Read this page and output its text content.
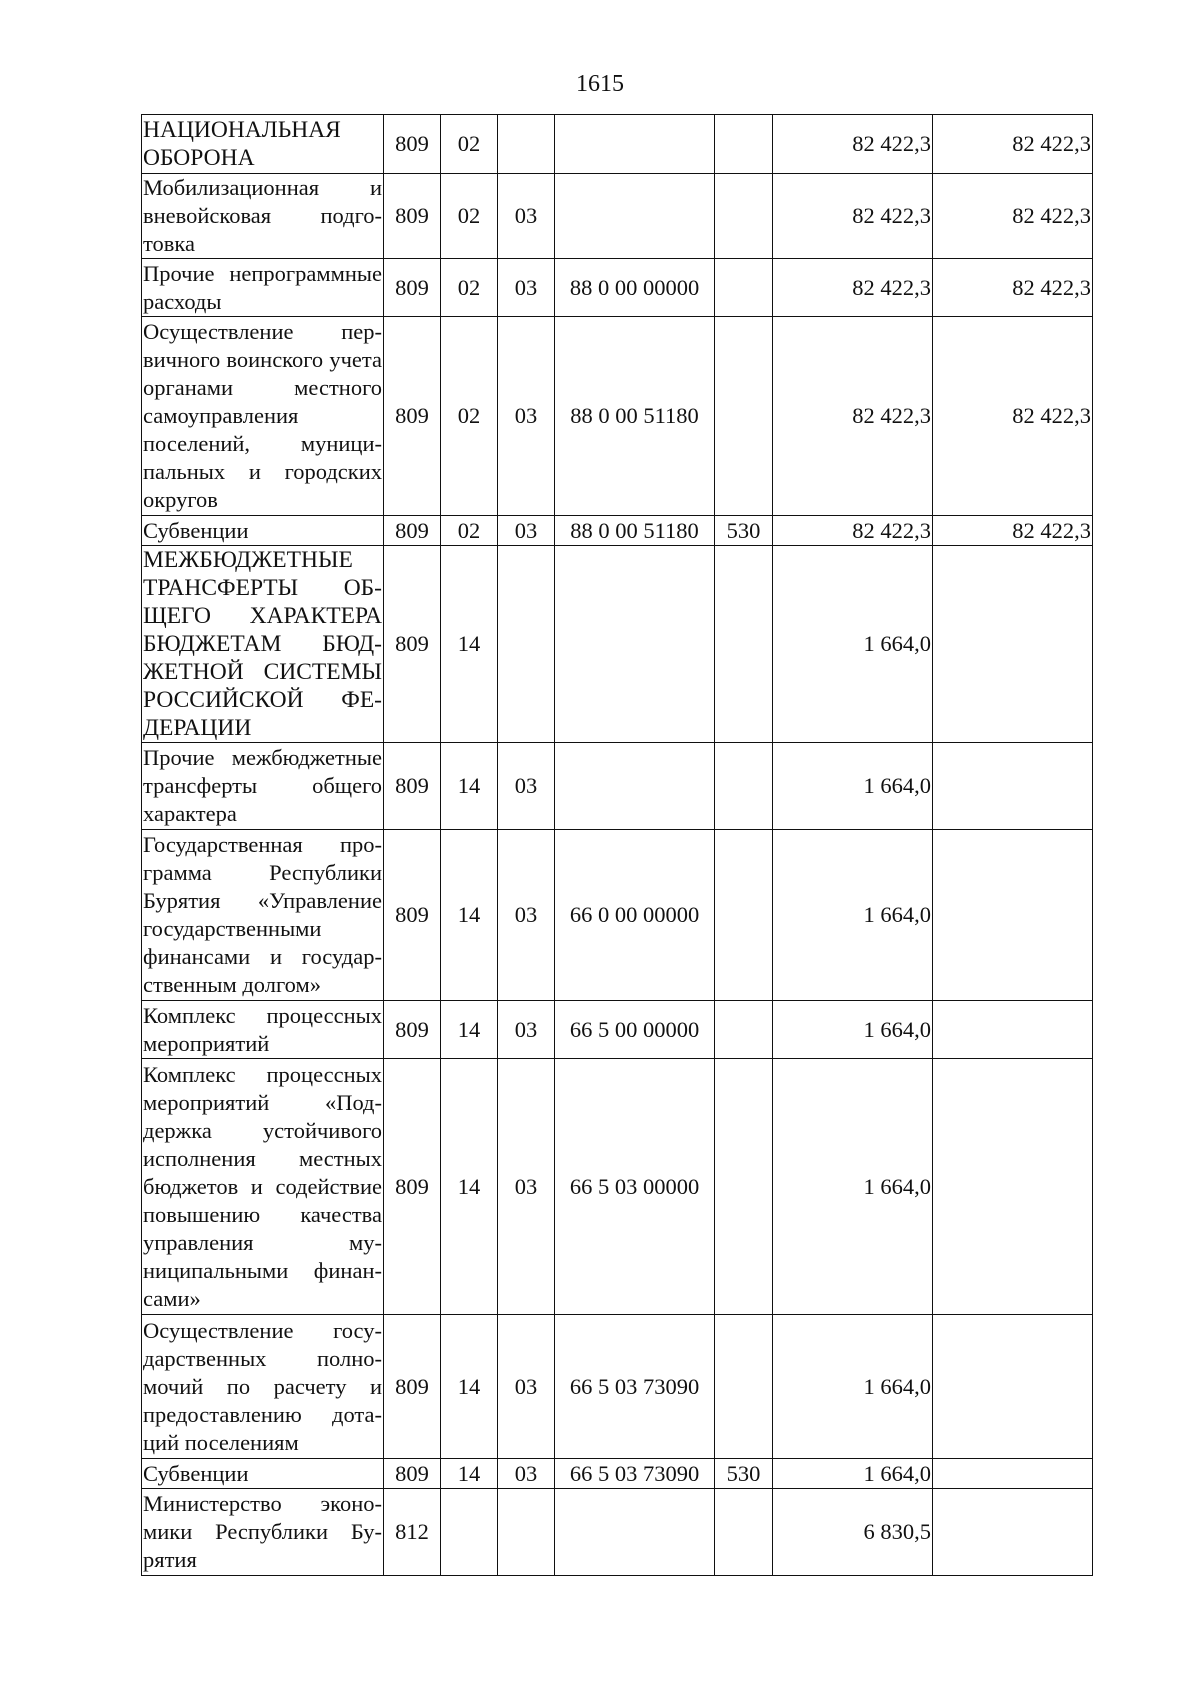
1615
НАЦИОНАЛЬНАЯ ОБОРОНА	809	02				82 422,3	82 422,3
Мобилизационная и вневойсковая подготовка	809	02	03			82 422,3	82 422,3
Прочие непрограммные расходы	809	02	03	88 0 00 00000		82 422,3	82 422,3
Осуществление первичного воинского учета органами местного самоуправления поселений, муниципальных и городских округов	809	02	03	88 0 00 51180		82 422,3	82 422,3
Субвенции	809	02	03	88 0 00 51180	530	82 422,3	82 422,3
МЕЖБЮДЖЕТНЫЕ ТРАНСФЕРТЫ ОБЩЕГО ХАРАКТЕРА БЮДЖЕТАМ БЮДЖЕТНОЙ СИСТЕМЫ РОССИЙСКОЙ ФЕДЕРАЦИИ	809	14				1 664,0	
Прочие межбюджетные трансферты общего характера	809	14	03			1 664,0	
Государственная программа Республики Бурятия «Управление государственными финансами и государственным долгом»	809	14	03	66 0 00 00000		1 664,0	
Комплекс процессных мероприятий	809	14	03	66 5 00 00000		1 664,0	
Комплекс процессных мероприятий «Поддержка устойчивого исполнения местных бюджетов и содействие повышению качества управления муниципальными финансами»	809	14	03	66 5 03 00000		1 664,0	
Осуществление государственных полномочий по расчету и предоставлению дотаций поселениям	809	14	03	66 5 03 73090		1 664,0	
Субвенции	809	14	03	66 5 03 73090	530	1 664,0	
Министерство экономики Республики Бурятия	812					6 830,5	
